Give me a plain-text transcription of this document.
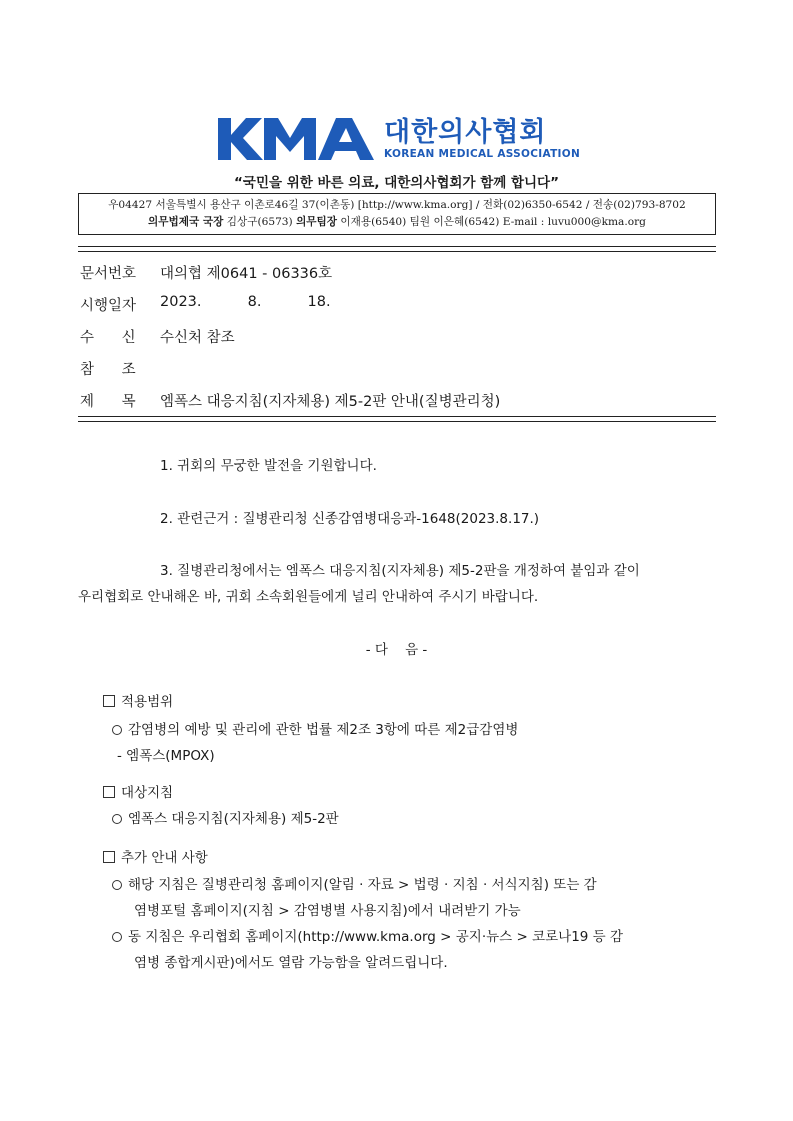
대한의사협회
KOREAN MEDICAL ASSOCIATION
“국민을 위한 바른 의료, 대한의사협회가 함께 합니다”
우04427 서울특별시 용산구 이촌로46길 37(이촌동) [http://www.kma.org] / 전화(02)6350-6542 / 전송(02)793-8702
의무법제국 국장 김상구(6573) 의무팀장 이재용(6540) 팀원 이은혜(6542) E-mail : luvu000@kma.org
문서번호	대의협 제0641 - 06336호
시행일자	2023.          8.          18.
수      신	수신처 참조
참      조
제      목	엠폭스 대응지침(지자체용) 제5-2판 안내(질병관리청)
1. 귀회의 무궁한 발전을 기원합니다.
2. 관련근거 : 질병관리청 신종감염병대응과-1648(2023.8.17.)
3. 질병관리청에서는 엠폭스 대응지침(지자체용) 제5-2판을 개정하여 붙임과 같이
우리협회로 안내해온 바, 귀회 소속회원들에게 널리 안내하여 주시기 바랍니다.
- 다    음 -
적용범위
감염병의 예방 및 관리에 관한 법률 제2조 3항에 따른 제2급감염병
- 엠폭스(MPOX)
대상지침
엠폭스 대응지침(지자체용) 제5-2판
추가 안내 사항
해당 지침은 질병관리청 홈페이지(알림 · 자료 > 법령 · 지침 · 서식지침) 또는 감
염병포털 홈페이지(지침 > 감염병별 사용지침)에서 내려받기 가능
동 지침은 우리협회 홈페이지(http://www.kma.org > 공지·뉴스 > 코로나19 등 감
염병 종합게시판)에서도 열람 가능함을 알려드립니다.
